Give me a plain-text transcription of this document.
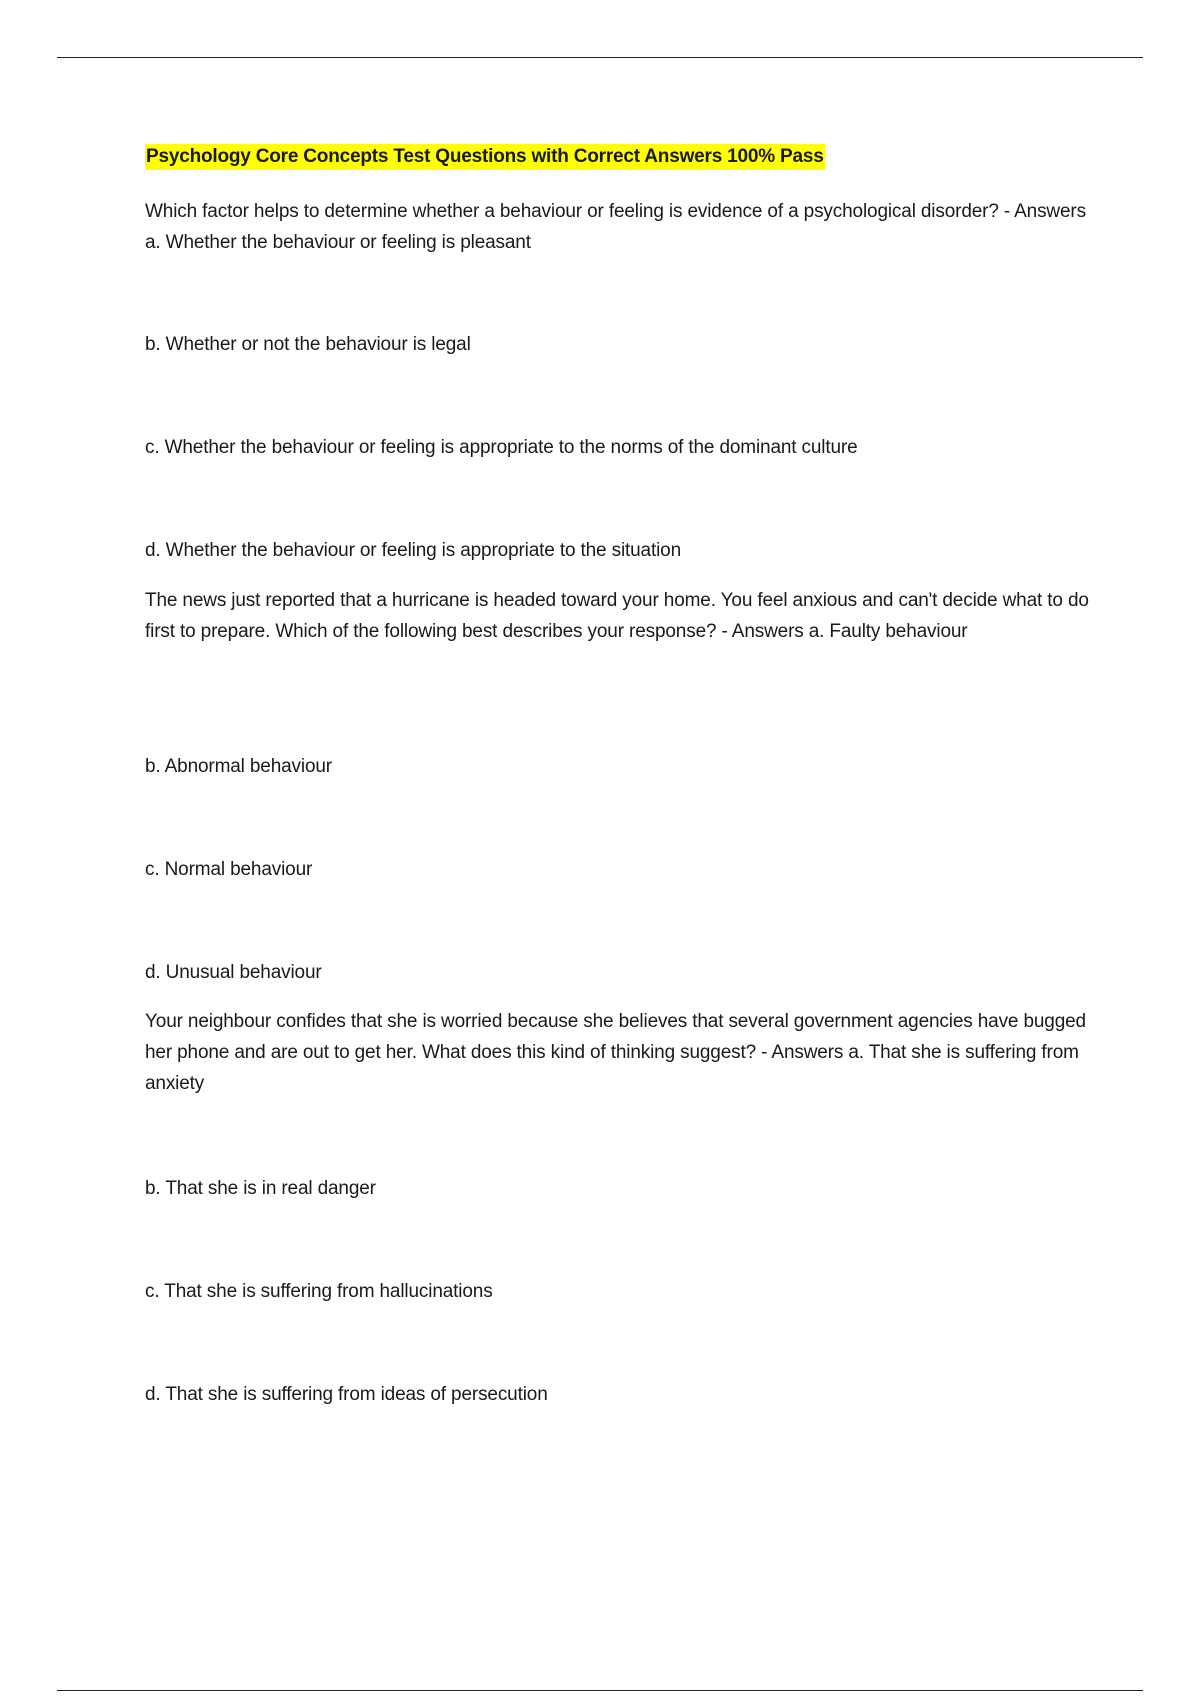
Psychology Core Concepts Test Questions with Correct Answers 100% Pass

Which factor helps to determine whether a behaviour or feeling is evidence of a psychological disorder? - Answers a. Whether the behaviour or feeling is pleasant

b. Whether or not the behaviour is legal

c. Whether the behaviour or feeling is appropriate to the norms of the dominant culture

d. Whether the behaviour or feeling is appropriate to the situation

The news just reported that a hurricane is headed toward your home. You feel anxious and can't decide what to do first to prepare. Which of the following best describes your response? - Answers a. Faulty behaviour

b. Abnormal behaviour

c. Normal behaviour

d. Unusual behaviour

Your neighbour confides that she is worried because she believes that several government agencies have bugged her phone and are out to get her. What does this kind of thinking suggest? - Answers a. That she is suffering from anxiety

b. That she is in real danger

c. That she is suffering from hallucinations

d. That she is suffering from ideas of persecution
